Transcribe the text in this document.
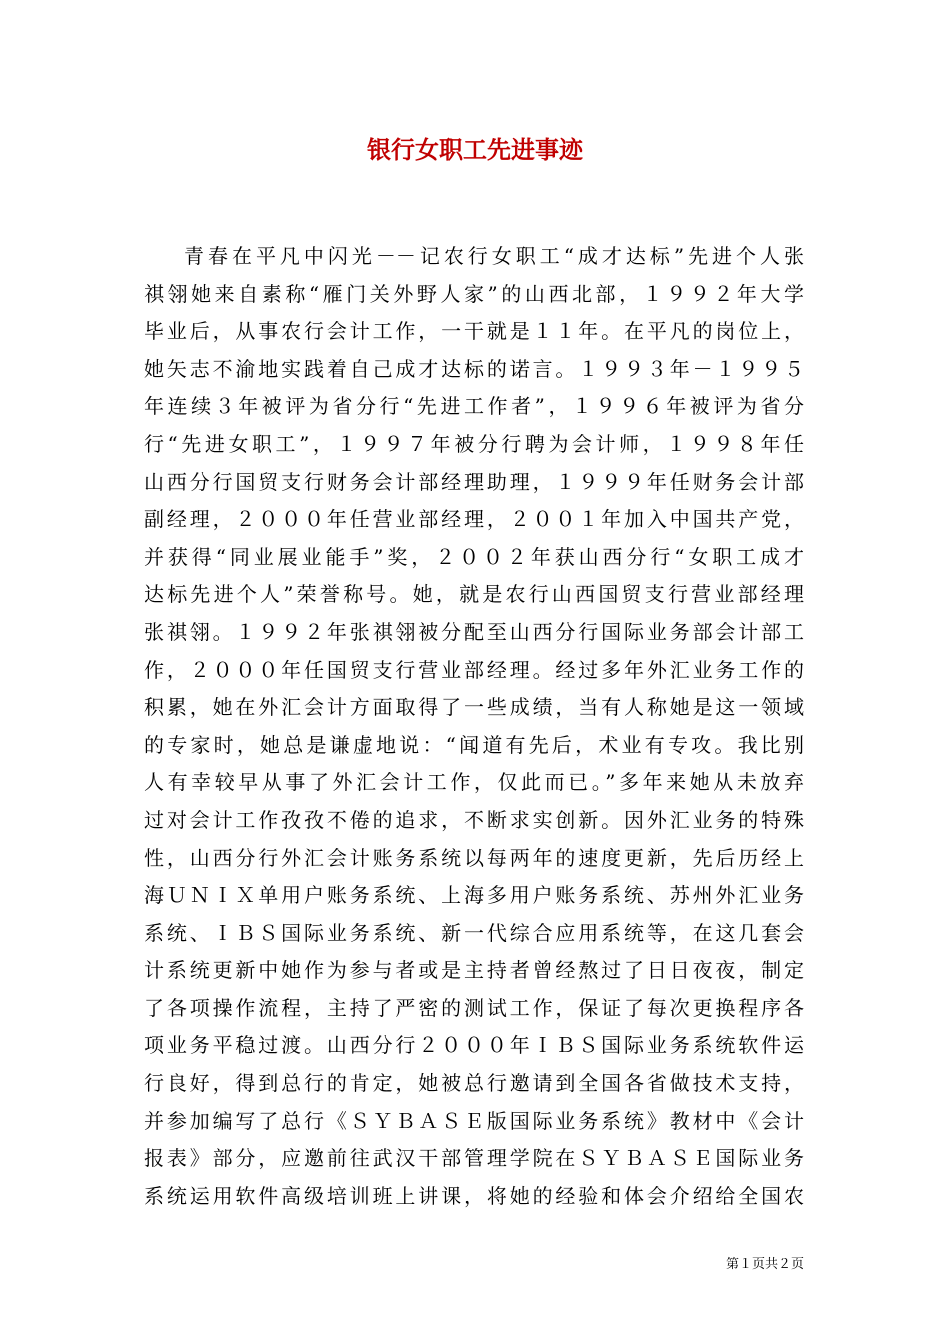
银行女职工先进事迹
青春在平凡中闪光－－记农行女职工“成才达标”先进个人张
祺翎她来自素称“雁门关外野人家”的山西北部，１９９２年大学
毕业后，从事农行会计工作，一干就是１１年。在平凡的岗位上，
她矢志不渝地实践着自己成才达标的诺言。１９９３年－１９９５
年连续３年被评为省分行“先进工作者”，１９９６年被评为省分
行“先进女职工”，１９９７年被分行聘为会计师，１９９８年任
山西分行国贸支行财务会计部经理助理，１９９９年任财务会计部
副经理，２０００年任营业部经理，２００１年加入中国共产党，
并获得“同业展业能手”奖，２００２年获山西分行“女职工成才
达标先进个人”荣誉称号。她，就是农行山西国贸支行营业部经理
张祺翎。１９９２年张祺翎被分配至山西分行国际业务部会计部工
作，２０００年任国贸支行营业部经理。经过多年外汇业务工作的
积累，她在外汇会计方面取得了一些成绩，当有人称她是这一领域
的专家时，她总是谦虚地说：“闻道有先后，术业有专攻。我比别
人有幸较早从事了外汇会计工作，仅此而已。”多年来她从未放弃
过对会计工作孜孜不倦的追求，不断求实创新。因外汇业务的特殊
性，山西分行外汇会计账务系统以每两年的速度更新，先后历经上
海ＵＮＩＸ单用户账务系统、上海多用户账务系统、苏州外汇业务
系统、ＩＢＳ国际业务系统、新一代综合应用系统等，在这几套会
计系统更新中她作为参与者或是主持者曾经熬过了日日夜夜，制定
了各项操作流程，主持了严密的测试工作，保证了每次更换程序各
项业务平稳过渡。山西分行２０００年ＩＢＳ国际业务系统软件运
行良好，得到总行的肯定，她被总行邀请到全国各省做技术支持，
并参加编写了总行《ＳＹＢＡＳＥ版国际业务系统》教材中《会计
报表》部分，应邀前往武汉干部管理学院在ＳＹＢＡＳＥ国际业务
系统运用软件高级培训班上讲课，将她的经验和体会介绍给全国农
第１页共２页
